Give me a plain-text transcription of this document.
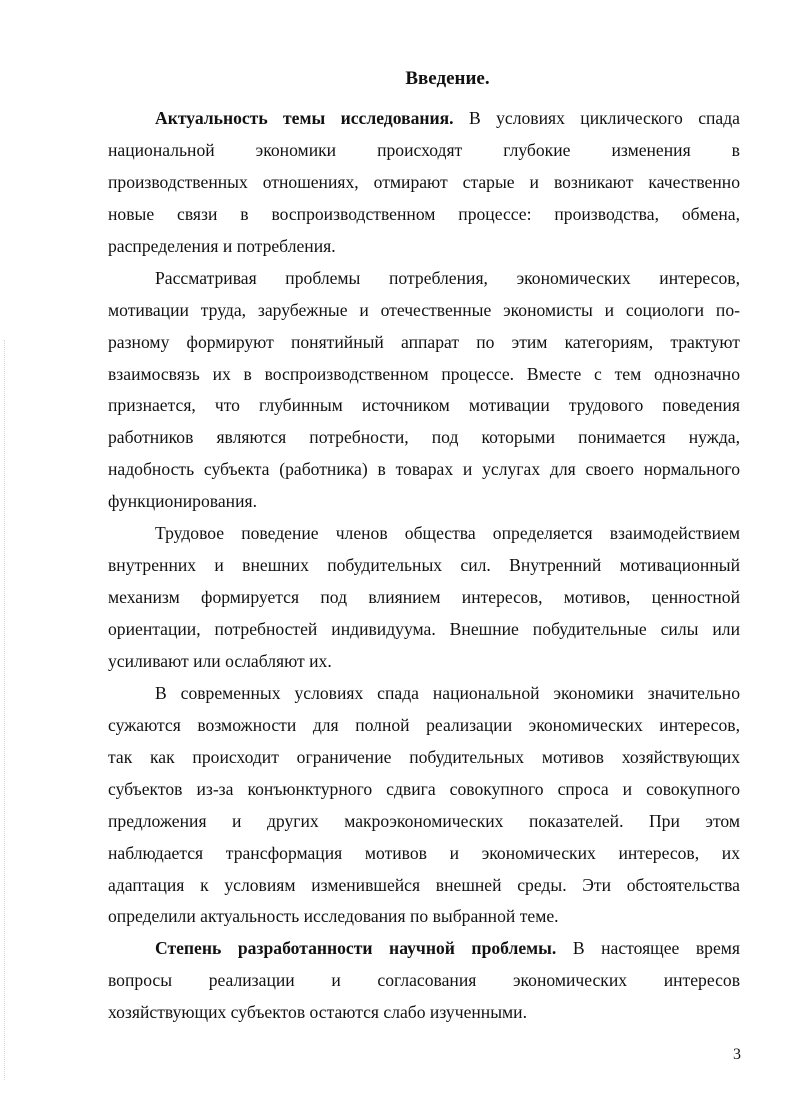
Введение.
Актуальность темы исследования. В условиях циклического спада
национальной экономики происходят глубокие изменения в
производственных отношениях, отмирают старые и возникают качественно
новые связи в воспроизводственном процессе: производства, обмена,
распределения и потребления.
Рассматривая проблемы потребления, экономических интересов,
мотивации труда, зарубежные и отечественные экономисты и социологи по-
разному формируют понятийный аппарат по этим категориям, трактуют
взаимосвязь их в воспроизводственном процессе. Вместе с тем однозначно
признается, что глубинным источником мотивации трудового поведения
работников являются потребности, под которыми понимается нужда,
надобность субъекта (работника) в товарах и услугах для своего нормального
функционирования.
Трудовое поведение членов общества определяется взаимодействием
внутренних и внешних побудительных сил. Внутренний мотивационный
механизм формируется под влиянием интересов, мотивов, ценностной
ориентации, потребностей индивидуума. Внешние побудительные силы или
усиливают или ослабляют их.
В современных условиях спада национальной экономики значительно
сужаются возможности для полной реализации экономических интересов,
так как происходит ограничение побудительных мотивов хозяйствующих
субъектов из-за конъюнктурного сдвига совокупного спроса и совокупного
предложения и других макроэкономических показателей. При этом
наблюдается трансформация мотивов и экономических интересов, их
адаптация к условиям изменившейся внешней среды. Эти обстоятельства
определили актуальность исследования по выбранной теме.
Степень разработанности научной проблемы. В настоящее время
вопросы реализации и согласования экономических интересов
хозяйствующих субъектов остаются слабо изученными.
3
